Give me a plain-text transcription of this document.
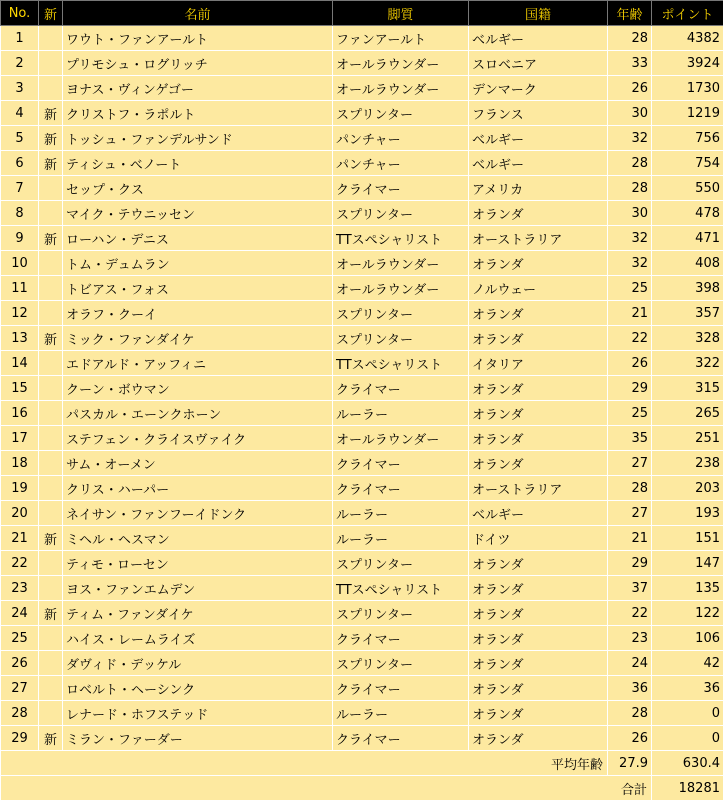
No.	新	名前	脚質	国籍	年齢	ポイント
1		ワウト・ファンアールト	ファンアールト	ベルギー	28	4382
2		プリモシュ・ログリッチ	オールラウンダー	スロベニア	33	3924
3		ヨナス・ヴィンゲゴー	オールラウンダー	デンマーク	26	1730
4	新	クリストフ・ラポルト	スプリンター	フランス	30	1219
5	新	トッシュ・ファンデルサンド	パンチャー	ベルギー	32	756
6	新	ティシュ・ベノート	パンチャー	ベルギー	28	754
7		セップ・クス	クライマー	アメリカ	28	550
8		マイク・テウニッセン	スプリンター	オランダ	30	478
9	新	ローハン・デニス	TTスペシャリスト	オーストラリア	32	471
10		トム・デュムラン	オールラウンダー	オランダ	32	408
11		トビアス・フォス	オールラウンダー	ノルウェー	25	398
12		オラフ・クーイ	スプリンター	オランダ	21	357
13	新	ミック・ファンダイケ	スプリンター	オランダ	22	328
14		エドアルド・アッフィニ	TTスペシャリスト	イタリア	26	322
15		クーン・ボウマン	クライマー	オランダ	29	315
16		パスカル・エーンクホーン	ルーラー	オランダ	25	265
17		ステフェン・クライスヴァイク	オールラウンダー	オランダ	35	251
18		サム・オーメン	クライマー	オランダ	27	238
19		クリス・ハーパー	クライマー	オーストラリア	28	203
20		ネイサン・ファンフーイドンク	ルーラー	ベルギー	27	193
21	新	ミヘル・ヘスマン	ルーラー	ドイツ	21	151
22		ティモ・ローセン	スプリンター	オランダ	29	147
23		ヨス・ファンエムデン	TTスペシャリスト	オランダ	37	135
24	新	ティム・ファンダイケ	スプリンター	オランダ	22	122
25		ハイス・レームライズ	クライマー	オランダ	23	106
26		ダヴィド・デッケル	スプリンター	オランダ	24	42
27		ロベルト・ヘーシンク	クライマー	オランダ	36	36
28		レナード・ホフステッド	ルーラー	オランダ	28	0
29	新	ミラン・ファーダー	クライマー	オランダ	26	0
平均年齢					27.9	630.4
合計						18281
